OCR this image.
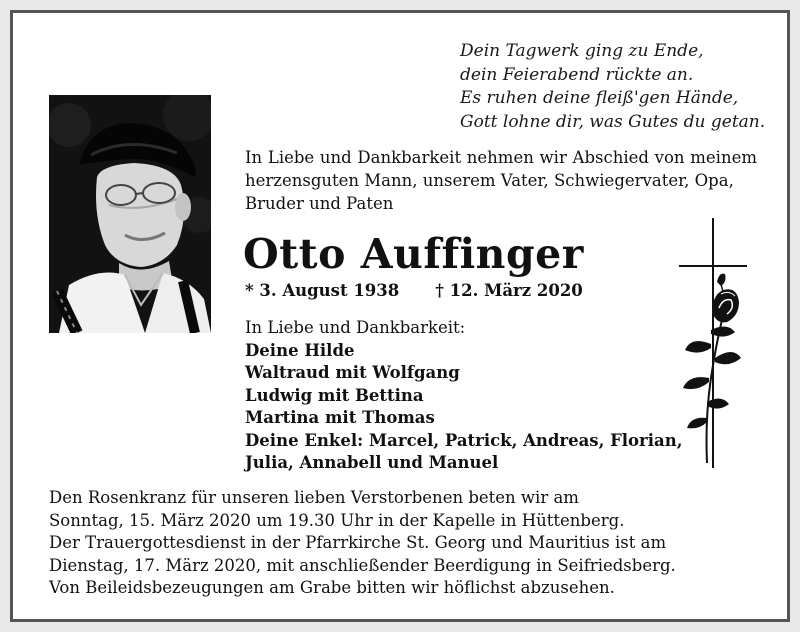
Dein Tagwerk ging zu Ende,
dein Feierabend rückte an.
Es ruhen deine fleiß'gen Hände,
Gott lohne dir, was Gutes du getan.
In Liebe und Dankbarkeit nehmen wir Abschied von meinem herzensguten Mann, unserem Vater, Schwiegervater, Opa,
Bruder und Paten
Otto Auffinger
* 3. August 1938 † 12. März 2020
In Liebe und Dankbarkeit:
Deine Hilde
Waltraud mit Wolfgang
Ludwig mit Bettina
Martina mit Thomas
Deine Enkel: Marcel, Patrick, Andreas, Florian,
Julia, Annabell und Manuel
Den Rosenkranz für unseren lieben Verstorbenen beten wir am
Sonntag, 15. März 2020 um 19.30 Uhr in der Kapelle in Hüttenberg.
Der Trauergottesdienst in der Pfarrkirche St. Georg und Mauritius ist am
Dienstag, 17. März 2020, mit anschließender Beerdigung in Seifriedsberg.
Von Beileidsbezeugungen am Grabe bitten wir höflichst abzusehen.
